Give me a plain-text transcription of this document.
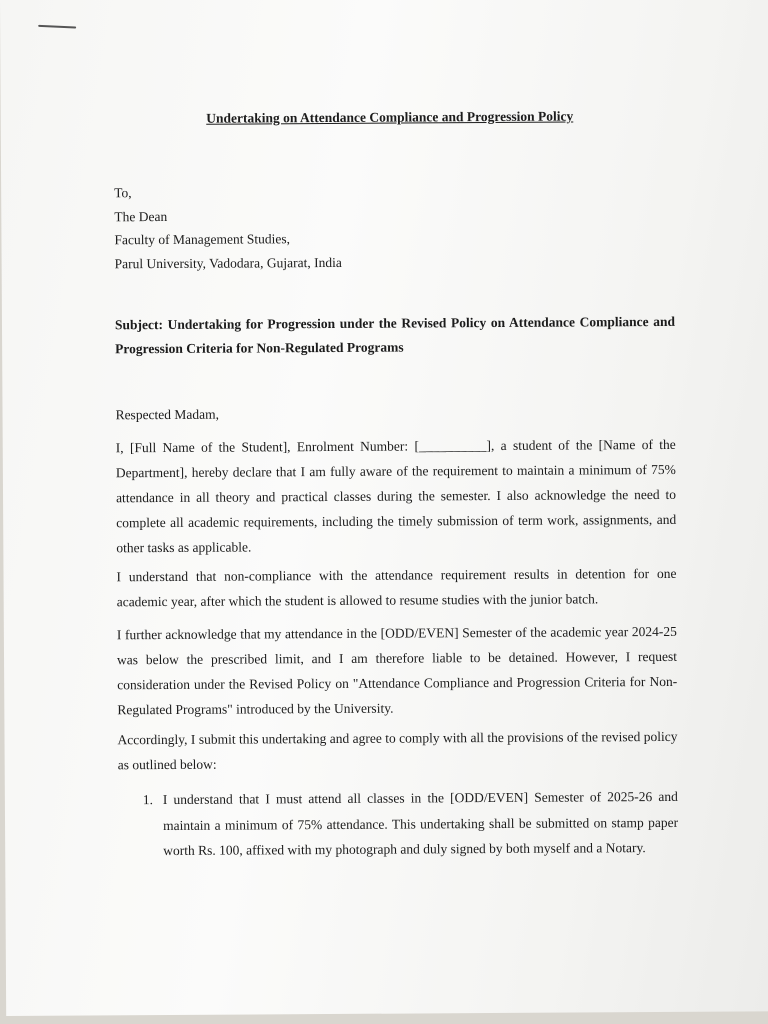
Undertaking on Attendance Compliance and Progression Policy
To,
The Dean
Faculty of Management Studies,
Parul University, Vadodara, Gujarat, India
Subject: Undertaking for Progression under the Revised Policy on Attendance Compliance and Progression Criteria for Non-Regulated Programs
Respected Madam,
I, [Full Name of the Student], Enrolment Number: [__________], a student of the [Name of the Department], hereby declare that I am fully aware of the requirement to maintain a minimum of 75% attendance in all theory and practical classes during the semester. I also acknowledge the need to complete all academic requirements, including the timely submission of term work, assignments, and other tasks as applicable.
I understand that non-compliance with the attendance requirement results in detention for one academic year, after which the student is allowed to resume studies with the junior batch.
I further acknowledge that my attendance in the [ODD/EVEN] Semester of the academic year 2024-25 was below the prescribed limit, and I am therefore liable to be detained. However, I request consideration under the Revised Policy on "Attendance Compliance and Progression Criteria for Non-Regulated Programs" introduced by the University.
Accordingly, I submit this undertaking and agree to comply with all the provisions of the revised policy as outlined below:
1. I understand that I must attend all classes in the [ODD/EVEN] Semester of 2025-26 and maintain a minimum of 75% attendance. This undertaking shall be submitted on stamp paper worth Rs. 100, affixed with my photograph and duly signed by both myself and a Notary.
